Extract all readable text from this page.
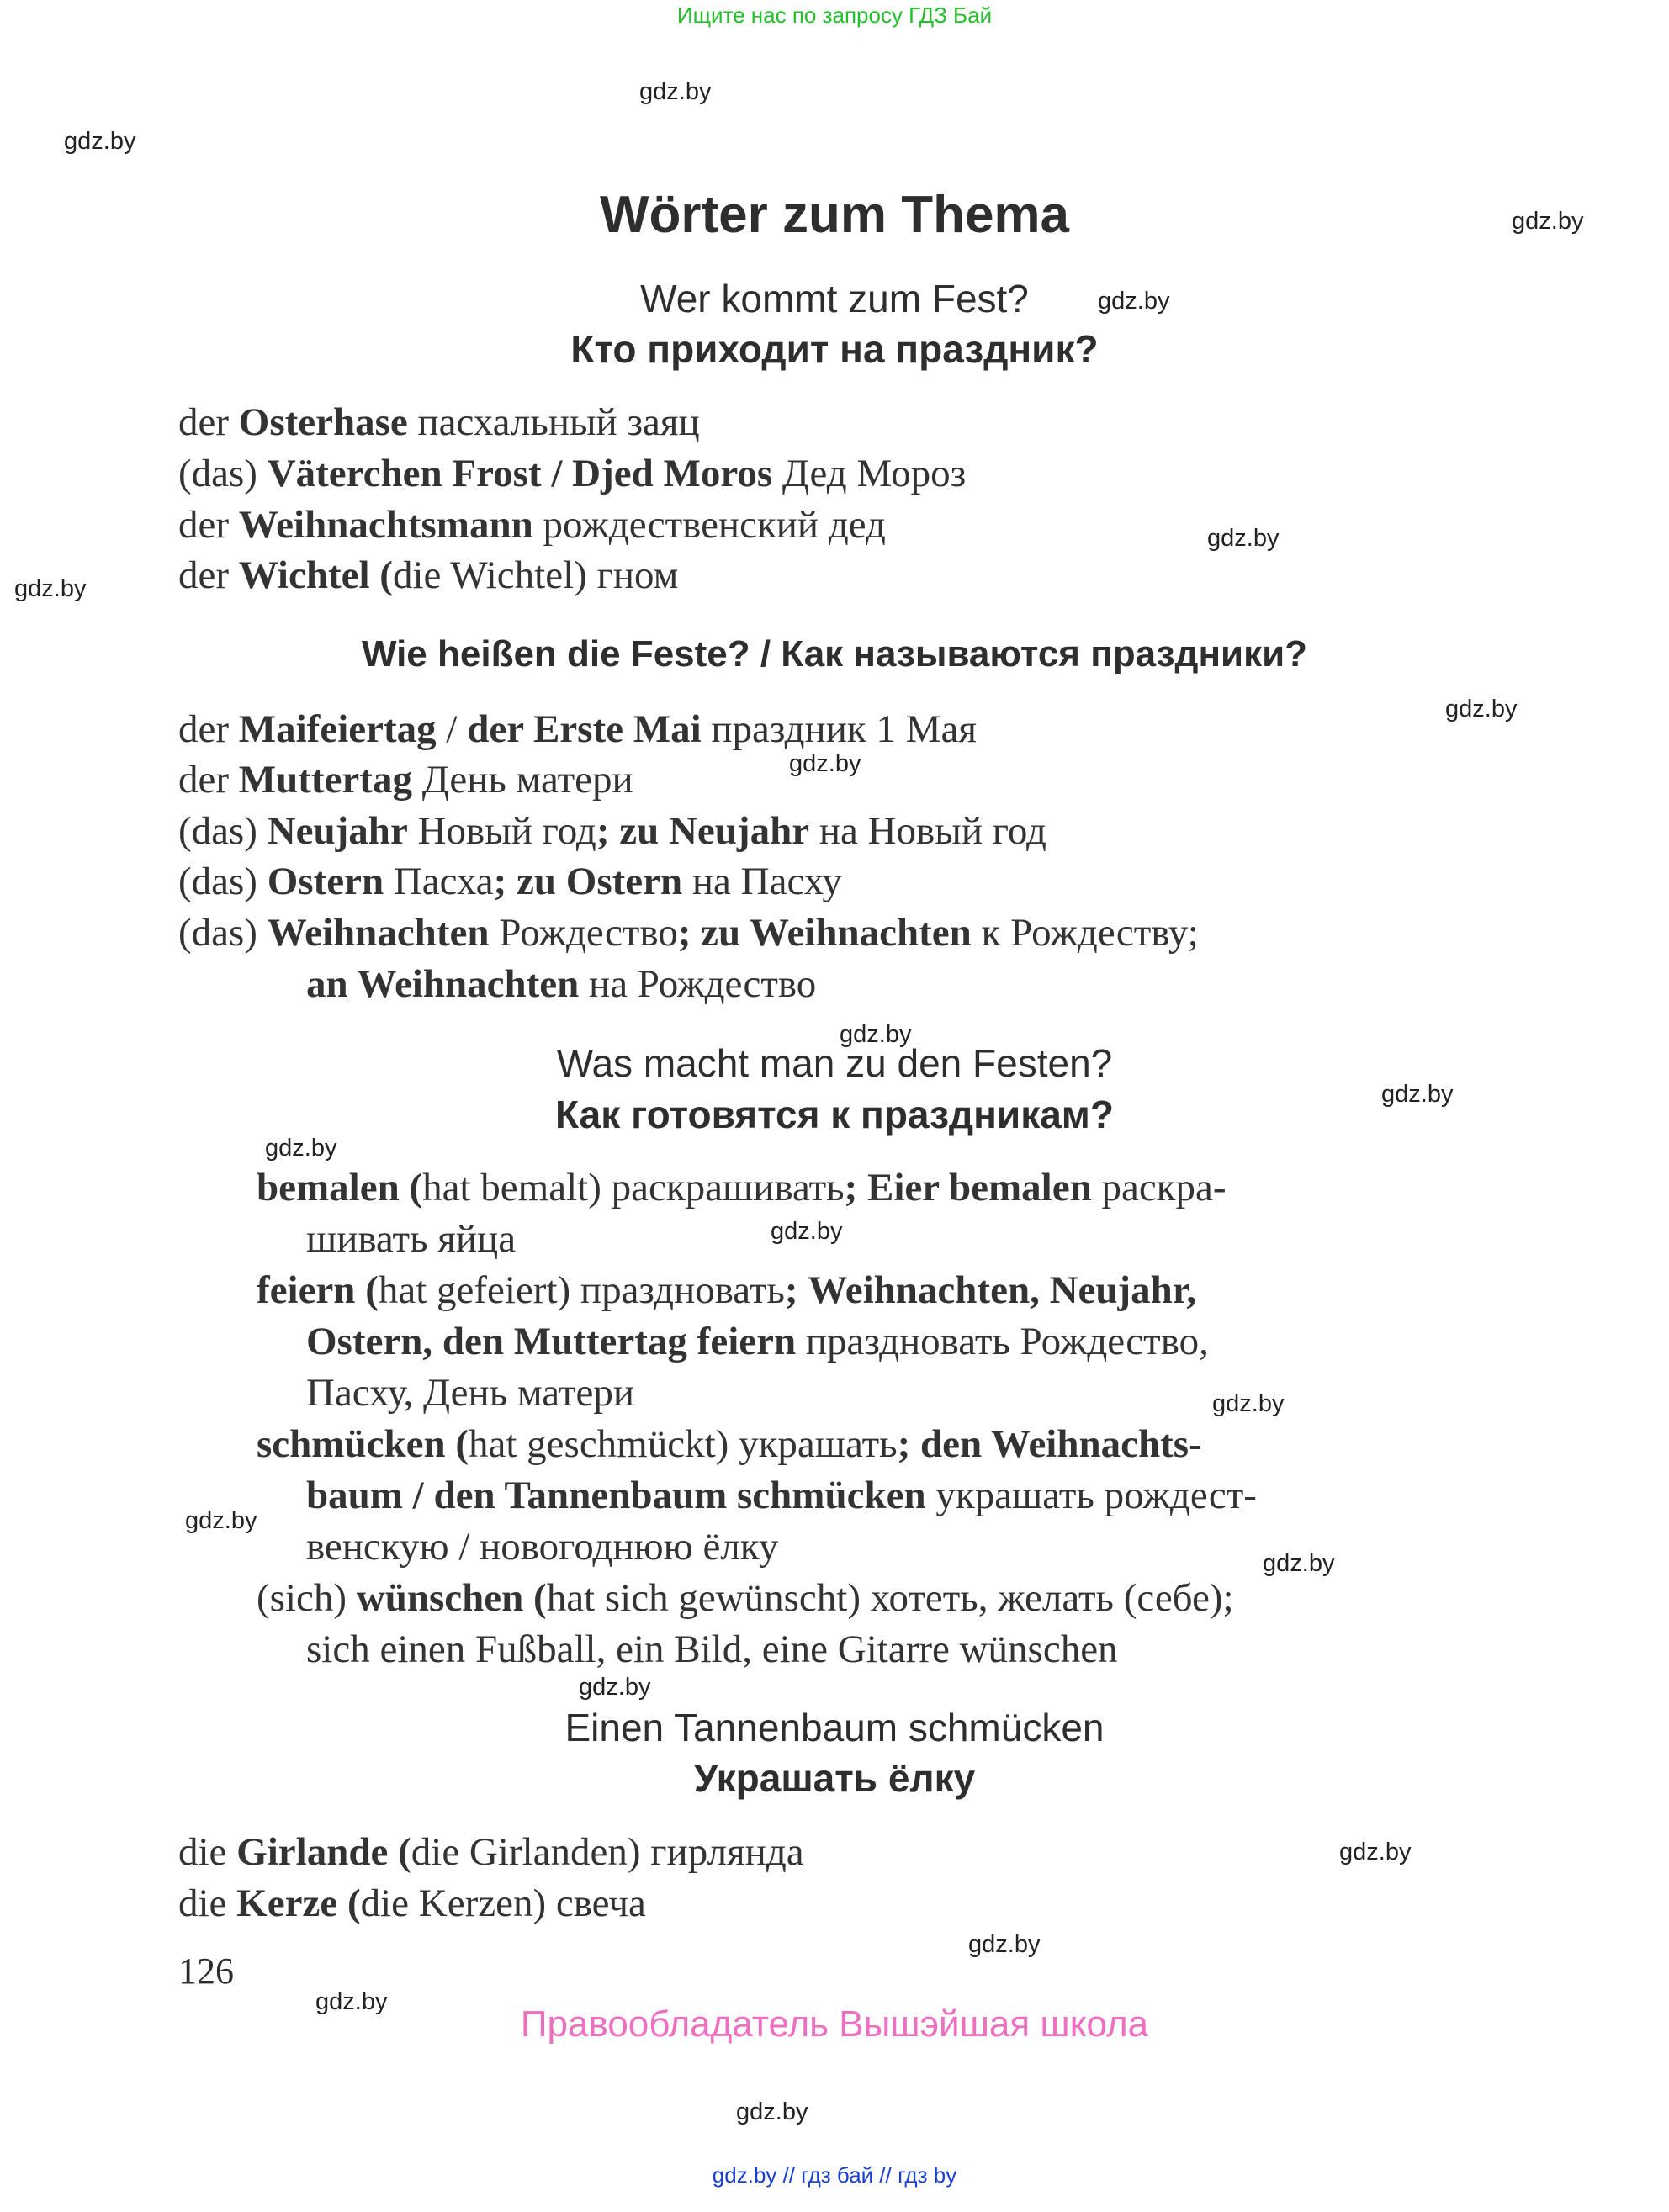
Ищите нас по запросу ГДЗ Бай
gdz.by
gdz.by
gdz.by
gdz.by
gdz.by
gdz.by
gdz.by
gdz.by
gdz.by
gdz.by
gdz.by
gdz.by
gdz.by
gdz.by
gdz.by
gdz.by
gdz.by
gdz.by
gdz.by
gdz.by
Wörter zum Thema
Wer kommt zum Fest?
Кто приходит на праздник?
der Osterhase пасхальный заяц
(das) Väterchen Frost / Djed Moros Дед Мороз
der Weihnachtsmann рождественский дед
der Wichtel (die Wichtel) гном
Wie heißen die Feste? / Как называются праздники?
der Maifeiertag / der Erste Mai праздник 1 Мая
der Muttertag День матери
(das) Neujahr Новый год; zu Neujahr на Новый год
(das) Ostern Пасха; zu Ostern на Пасху
(das) Weihnachten Рождество; zu Weihnachten к Рождеству;
an Weihnachten на Рождество
Was macht man zu den Festen?
Как готовятся к праздникам?
bemalen (hat bemalt) раскрашивать; Eier bemalen раскра-
шивать яйца
feiern (hat gefeiert) праздновать; Weihnachten, Neujahr,
Ostern, den Muttertag feiern праздновать Рождество,
Пасху, День матери
schmücken (hat geschmückt) украшать; den Weihnachts-
baum / den Tannenbaum schmücken украшать рождест-
венскую / новогоднюю ёлку
(sich) wünschen (hat sich gewünscht) хотеть, желать (себе);
sich einen Fußball, ein Bild, eine Gitarre wünschen
Einen Tannenbaum schmücken
Украшать ёлку
die Girlande (die Girlanden) гирлянда
die Kerze (die Kerzen) свеча
126
Правообладатель Вышэйшая школа
gdz.by // гдз бай // гдз by
